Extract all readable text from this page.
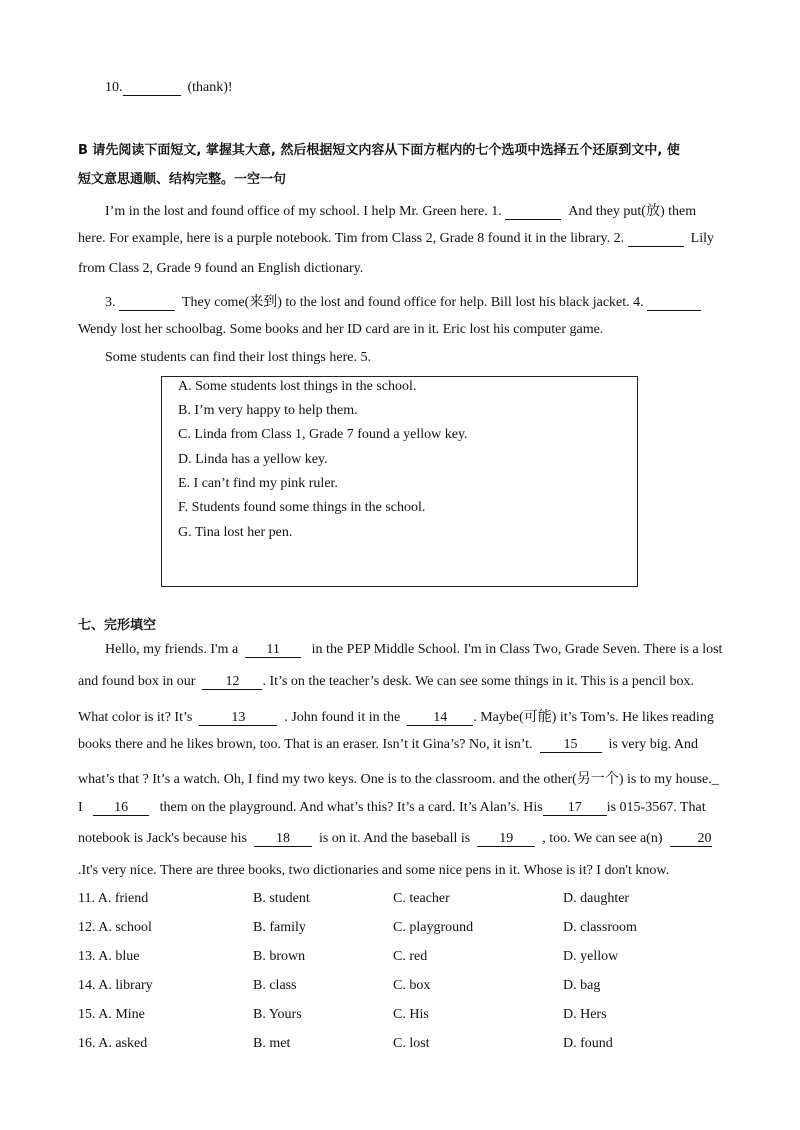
10.	(thank)!
B 请先阅读下面短文, 掌握其大意, 然后根据短文内容从下面方框内的七个选项中选择五个还原到文中, 使
短文意思通顺、结构完整。一空一句
I’m in the lost and found office of my school. I help Mr. Green here. 1.	And they put(放) them
here. For example, here is a purple notebook. Tim from Class 2, Grade 8 found it in the library. 2.	Lily
from Class 2, Grade 9 found an English dictionary.
3.	They come(来到) to the lost and found office for help. Bill lost his black jacket. 4.
Wendy lost her schoolbag. Some books and her ID card are in it. Eric lost his computer game.
Some students can find their lost things here. 5.
A. Some students lost things in the school.
B. I’m very happy to help them.
C. Linda from Class 1, Grade 7 found a yellow key.
D. Linda has a yellow key.
E. I can’t find my pink ruler.
F. Students found some things in the school.
G. Tina lost her pen.
七、完形填空
Hello, my friends. I'm a 11 in the PEP Middle School. I'm in Class Two, Grade Seven. There is a lost
and found box in our 12 . It’s on the teacher’s desk. We can see some things in it. This is a pencil box.
What color is it? It’s	13	. John found it in the 14 . Maybe(可能) it’s Tom’s. He likes reading
books there and he likes brown, too. That is an eraser. Isn’t it Gina’s? No, it isn’t. 15 is very big. And
what’s that ? It’s a watch. Oh, I find my two keys. One is to the classroom. and the other(另一个) is to my house._
I 16 them on the playground. And what’s this? It’s a card. It’s Alan’s. His 17 is 015-3567. That
notebook is Jack's because his 18 is on it. And the baseball is 19 , too. We can see a(n)	20
.It's very nice. There are three books, two dictionaries and some nice pens in it. Whose is it? I don't know.
11. A. friend	B. student	C. teacher	D. daughter
12. A. school	B. family	C. playground	D. classroom
13. A. blue	B. brown	C. red	D. yellow
14. A. library	B. class	C. box	D. bag
15. A. Mine	B. Yours	C. His	D. Hers
16. A. asked	B. met	C. lost	D. found
